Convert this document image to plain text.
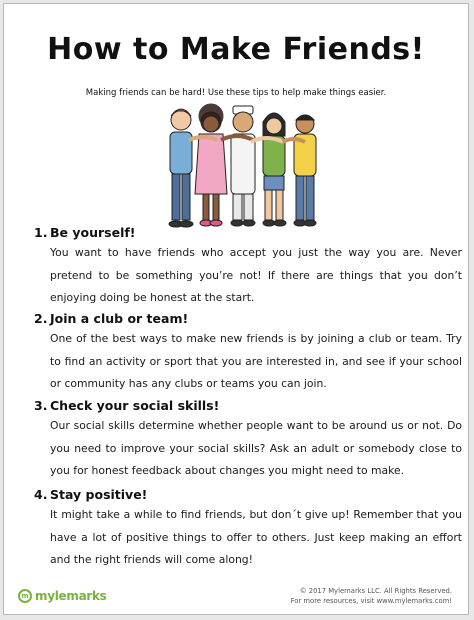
How to Make Friends!
Making friends can be hard! Use these tips to help make things easier.
1. Be yourself!
You want to have friends who accept you just the way you are. Never pretend to be something you’re not! If there are things that you don’t enjoying doing be honest at the start.
2. Join a club or team!
One of the best ways to make new friends is by joining a club or team. Try to find an activity or sport that you are interested in, and see if your school or community has any clubs or teams you can join.
3. Check your social skills!
Our social skills determine whether people want to be around us or not. Do you need to improve your social skills? Ask an adult or somebody close to you for honest feedback about changes you might need to make.
4. Stay positive!
It might take a while to find friends, but don´t give up! Remember that you have a lot of positive things to offer to others. Just keep making an effort and the right friends will come along!
m mylemarks	© 2017 Mylemarks LLC. All Rights Reserved.
For more resources, visit www.mylemarks.com!
